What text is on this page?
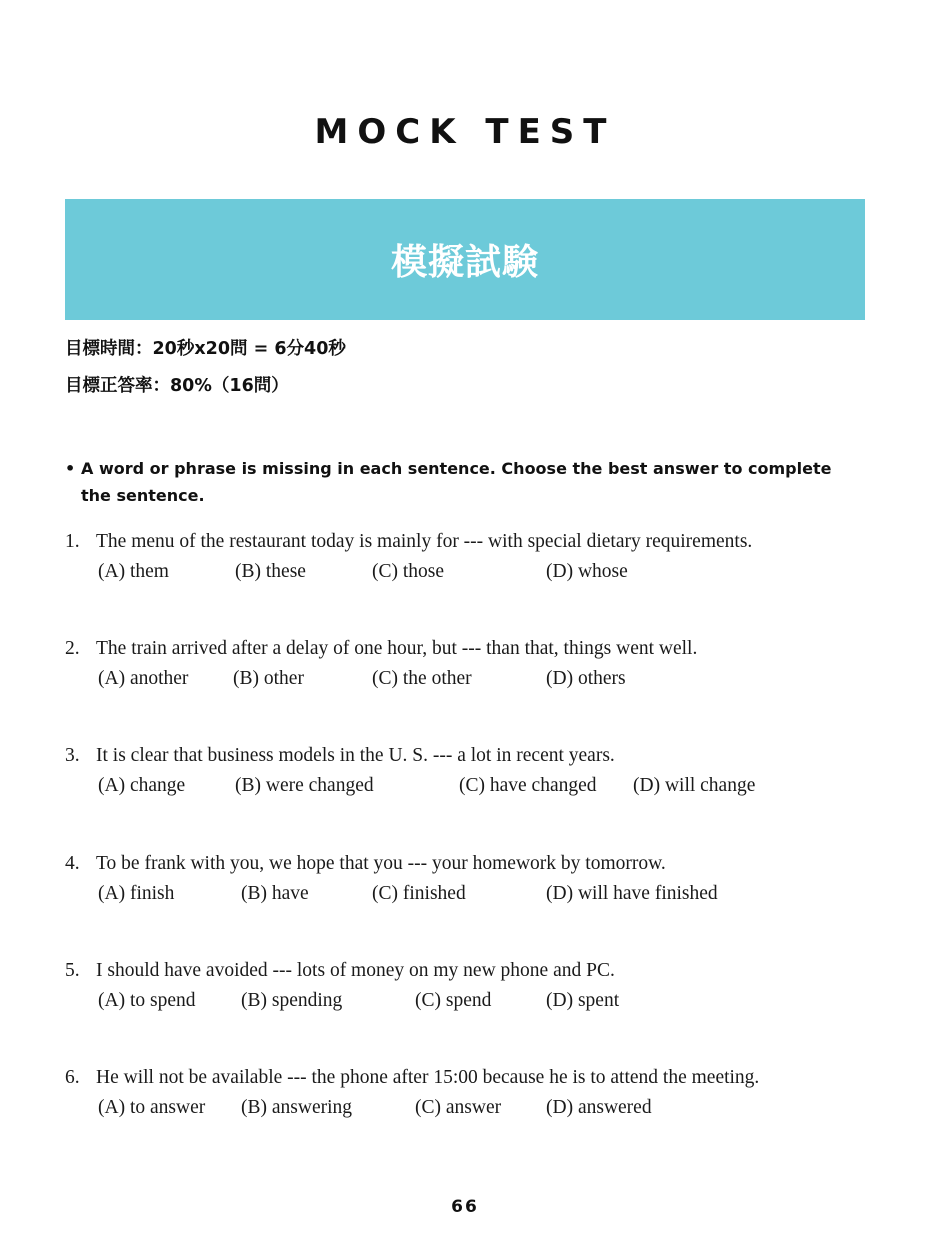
MOCK TEST
模擬試験
目標時間：20秒x20問 = 6分40秒
目標正答率：80%（16問）
• A word or phrase is missing in each sentence. Choose the best answer to complete the sentence.
1. The menu of the restaurant today is mainly for --- with special dietary requirements.
(A) them	(B) these	(C) those	(D) whose
2. The train arrived after a delay of one hour, but --- than that, things went well.
(A) another (B) other	(C) the other	(D) others
3. It is clear that business models in the U. S. --- a lot in recent years.
(A) change	(B) were changed	(C) have changed (D) will change
4. To be frank with you, we hope that you --- your homework by tomorrow.
(A) finish	(B) have	(C) finished	(D) will have finished
5. I should have avoided --- lots of money on my new phone and PC.
(A) to spend (B) spending	(C) spend	(D) spent
6. He will not be available --- the phone after 15:00 because he is to attend the meeting.
(A) to answer (B) answering	(C) answer (D) answered
66
